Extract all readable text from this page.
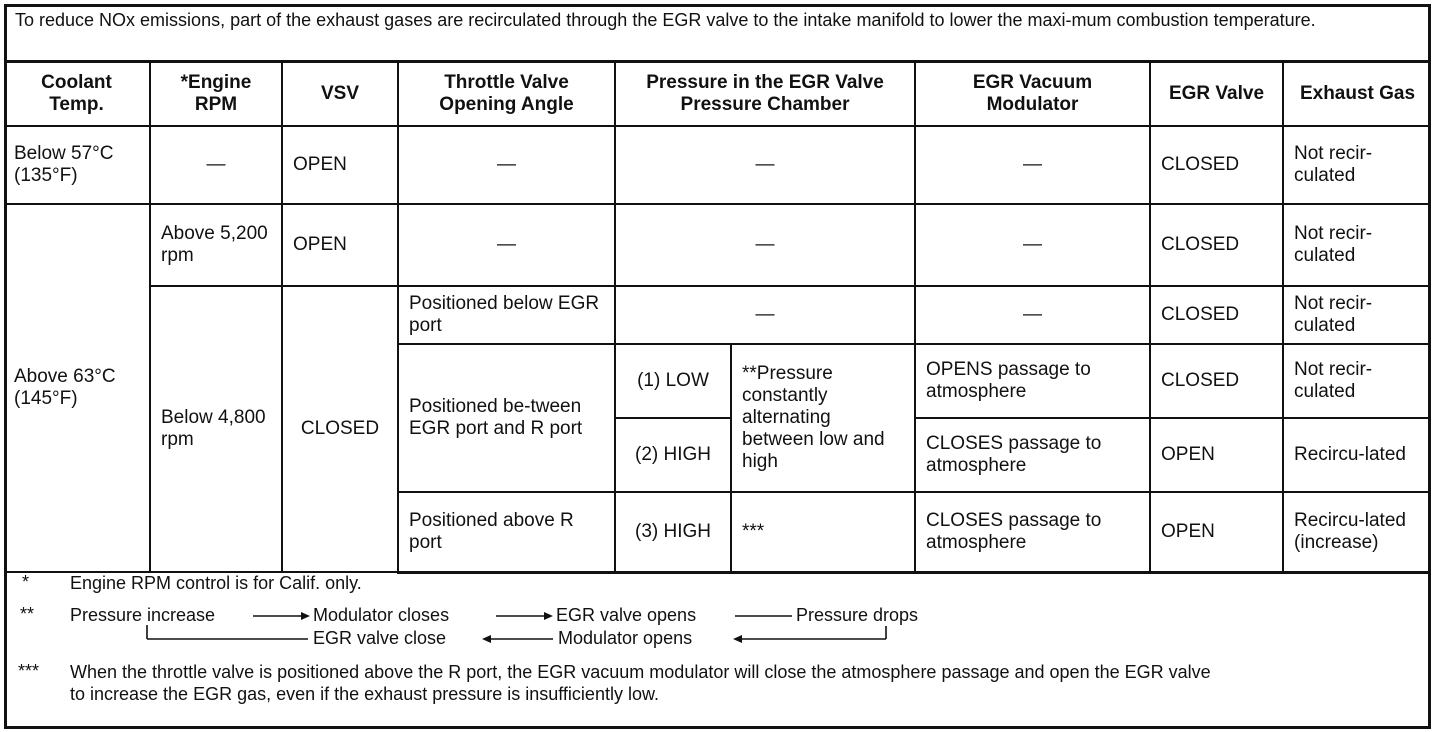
To reduce NOx emissions, part of the exhaust gases are recirculated through the EGR valve to the intake manifold to lower the maxi-mum combustion temperature.
Coolant Temp.	*Engine RPM	VSV	Throttle Valve Opening Angle	Pressure in the EGR Valve Pressure Chamber		EGR Vacuum Modulator	EGR Valve	Exhaust Gas
Below 57°C (135°F)	—	OPEN	—	—		—	CLOSED	Not recir-culated
Above 63°C (145°F)	Above 5,200 rpm	OPEN	—	—		—	CLOSED	Not recir-culated
	Below 4,800 rpm	CLOSED	Positioned below EGR port	—		—	CLOSED	Not recir-culated
			Positioned be-tween EGR port and R port	(1) LOW	**Pressure constantly alternating between low and high	OPENS passage to atmosphere	CLOSED	Not recir-culated
				(2) HIGH		CLOSES passage to atmosphere	OPEN	Recircu-lated
			Positioned above R port	(3) HIGH	***	CLOSES passage to atmosphere	OPEN	Recircu-lated (increase)
* Engine RPM control is for Calif. only.
** Pressure increase	Modulator closes	EGR valve opens	Pressure drops
EGR valve close	Modulator opens
*** When the throttle valve is positioned above the R port, the EGR vacuum modulator will close the atmosphere passage and open the EGR valve to increase the EGR gas, even if the exhaust pressure is insufficiently low.
